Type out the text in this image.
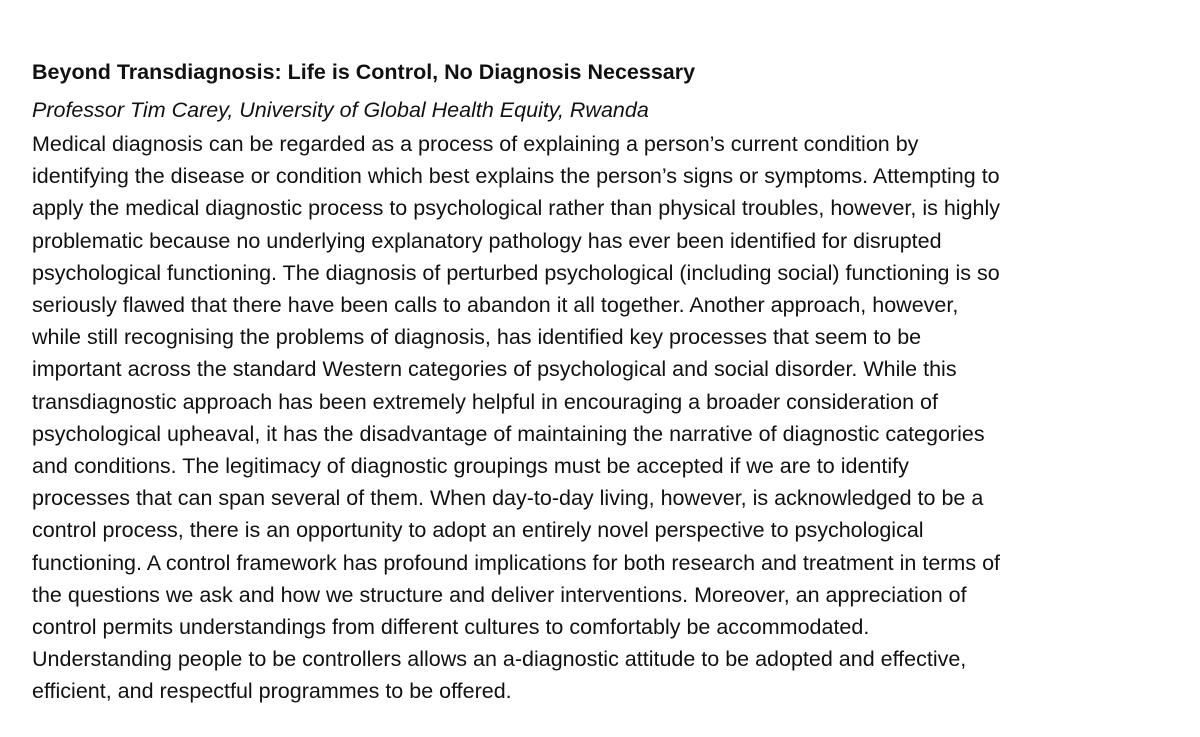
Beyond Transdiagnosis: Life is Control, No Diagnosis Necessary

Professor Tim Carey, University of Global Health Equity, Rwanda

Medical diagnosis can be regarded as a process of explaining a person’s current condition by
identifying the disease or condition which best explains the person’s signs or symptoms. Attempting to
apply the medical diagnostic process to psychological rather than physical troubles, however, is highly
problematic because no underlying explanatory pathology has ever been identified for disrupted
psychological functioning. The diagnosis of perturbed psychological (including social) functioning is so
seriously flawed that there have been calls to abandon it all together. Another approach, however,
while still recognising the problems of diagnosis, has identified key processes that seem to be
important across the standard Western categories of psychological and social disorder. While this
transdiagnostic approach has been extremely helpful in encouraging a broader consideration of
psychological upheaval, it has the disadvantage of maintaining the narrative of diagnostic categories
and conditions. The legitimacy of diagnostic groupings must be accepted if we are to identify
processes that can span several of them. When day-to-day living, however, is acknowledged to be a
control process, there is an opportunity to adopt an entirely novel perspective to psychological
functioning. A control framework has profound implications for both research and treatment in terms of
the questions we ask and how we structure and deliver interventions. Moreover, an appreciation of
control permits understandings from different cultures to comfortably be accommodated.
Understanding people to be controllers allows an a-diagnostic attitude to be adopted and effective,
efficient, and respectful programmes to be offered.
